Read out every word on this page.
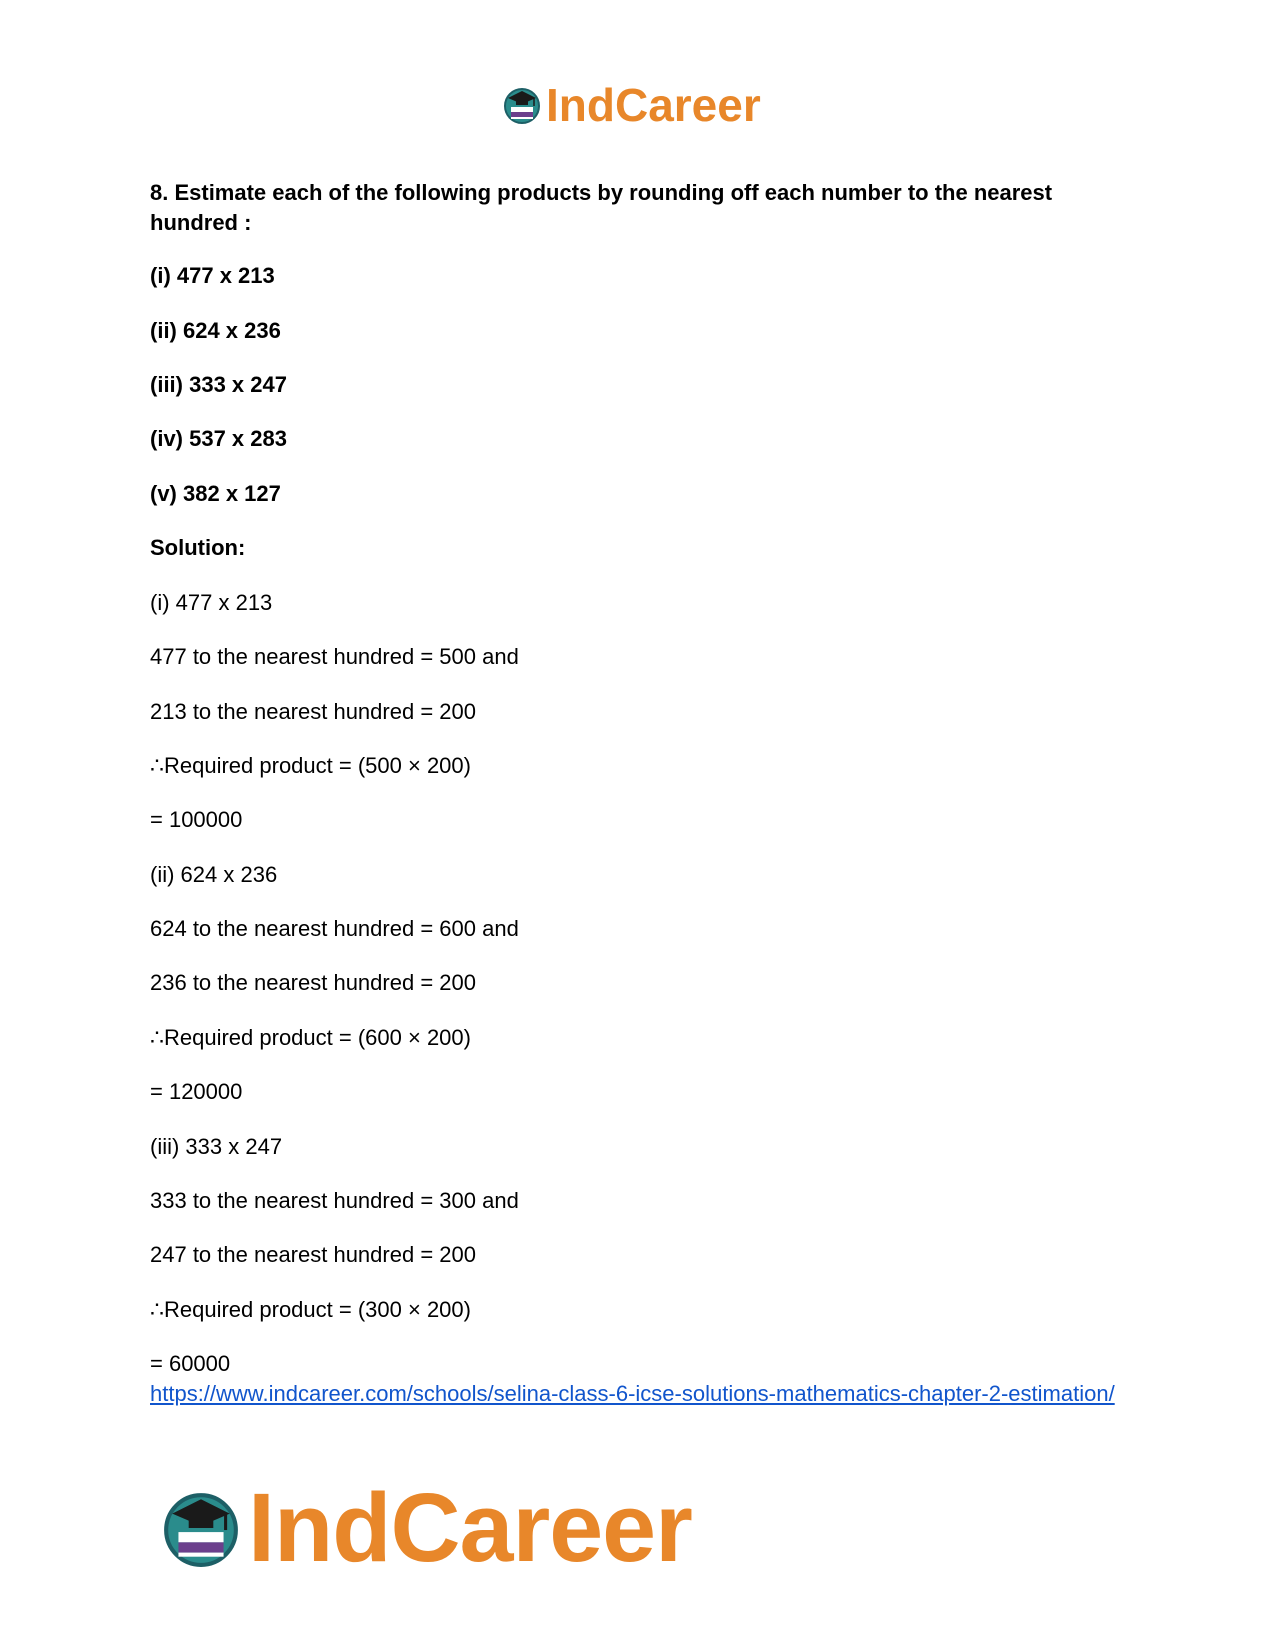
IndCareer

8. Estimate each of the following products by rounding off each number to the nearest hundred :

(i) 477 x 213
(ii) 624 x 236
(iii) 333 x 247
(iv) 537 x 283
(v) 382 x 127
Solution:
(i) 477 x 213
477 to the nearest hundred = 500 and
213 to the nearest hundred = 200
∴Required product = (500 × 200)
= 100000
(ii) 624 x 236
624 to the nearest hundred = 600 and
236 to the nearest hundred = 200
∴Required product = (600 × 200)
= 120000
(iii) 333 x 247
333 to the nearest hundred = 300 and
247 to the nearest hundred = 200
∴Required product = (300 × 200)
= 60000
https://www.indcareer.com/schools/selina-class-6-icse-solutions-mathematics-chapter-2-estimation/
IndCareer
